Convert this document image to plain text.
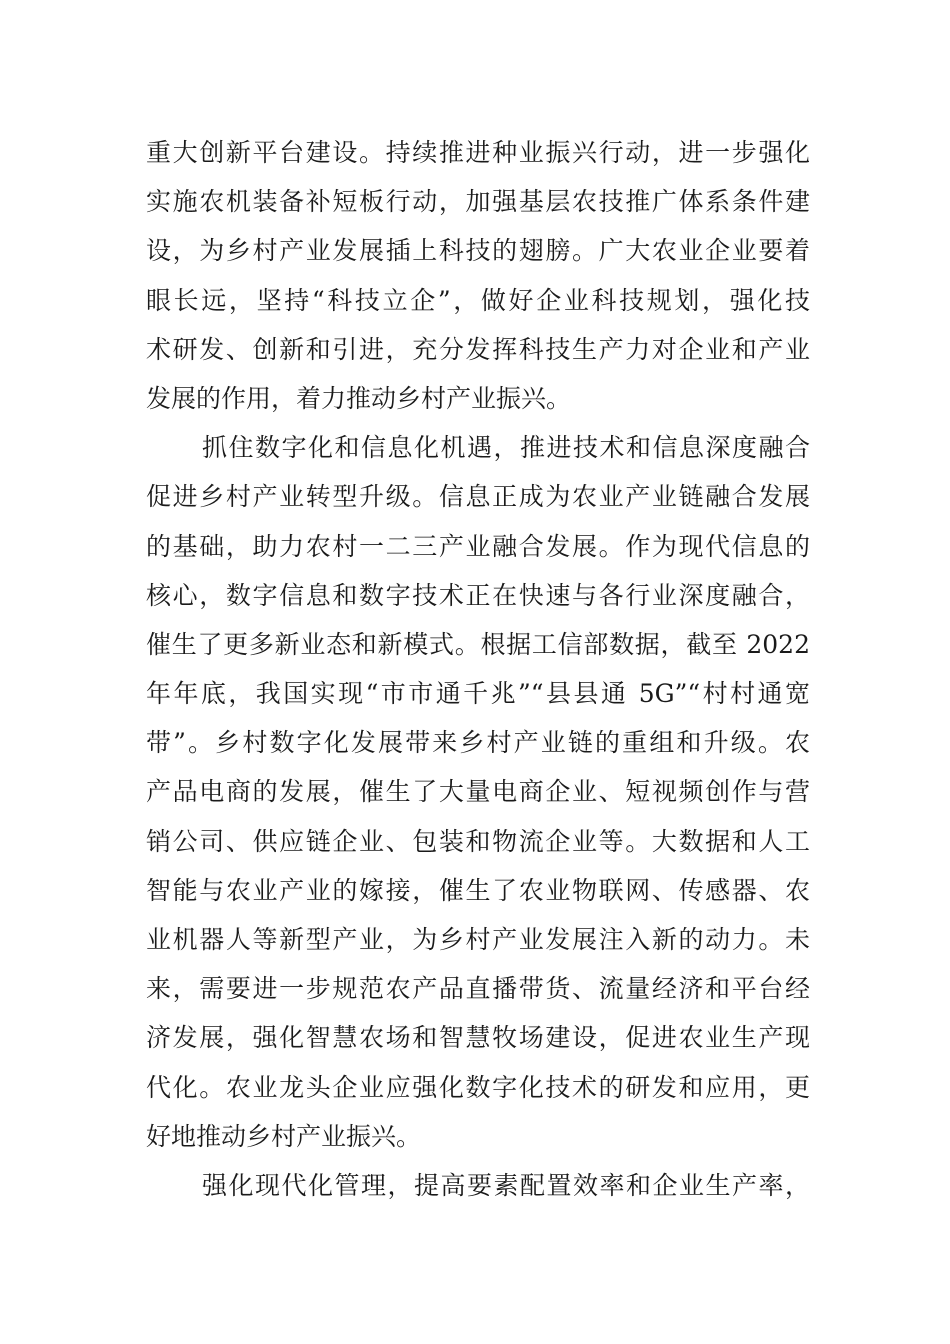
重大创新平台建设。持续推进种业振兴行动，进一步强化
实施农机装备补短板行动，加强基层农技推广体系条件建
设，为乡村产业发展插上科技的翅膀。广大农业企业要着
眼长远，坚持“科技立企”，做好企业科技规划，强化技
术研发、创新和引进，充分发挥科技生产力对企业和产业
发展的作用，着力推动乡村产业振兴。
抓住数字化和信息化机遇，推进技术和信息深度融合
促进乡村产业转型升级。信息正成为农业产业链融合发展
的基础，助力农村一二三产业融合发展。作为现代信息的
核心，数字信息和数字技术正在快速与各行业深度融合，
催生了更多新业态和新模式。根据工信部数据，截至 2022
年年底，我国实现“市市通千兆”“县县通 5G”“村村通宽
带”。乡村数字化发展带来乡村产业链的重组和升级。农
产品电商的发展，催生了大量电商企业、短视频创作与营
销公司、供应链企业、包装和物流企业等。大数据和人工
智能与农业产业的嫁接，催生了农业物联网、传感器、农
业机器人等新型产业，为乡村产业发展注入新的动力。未
来，需要进一步规范农产品直播带货、流量经济和平台经
济发展，强化智慧农场和智慧牧场建设，促进农业生产现
代化。农业龙头企业应强化数字化技术的研发和应用，更
好地推动乡村产业振兴。
强化现代化管理，提高要素配置效率和企业生产率，
